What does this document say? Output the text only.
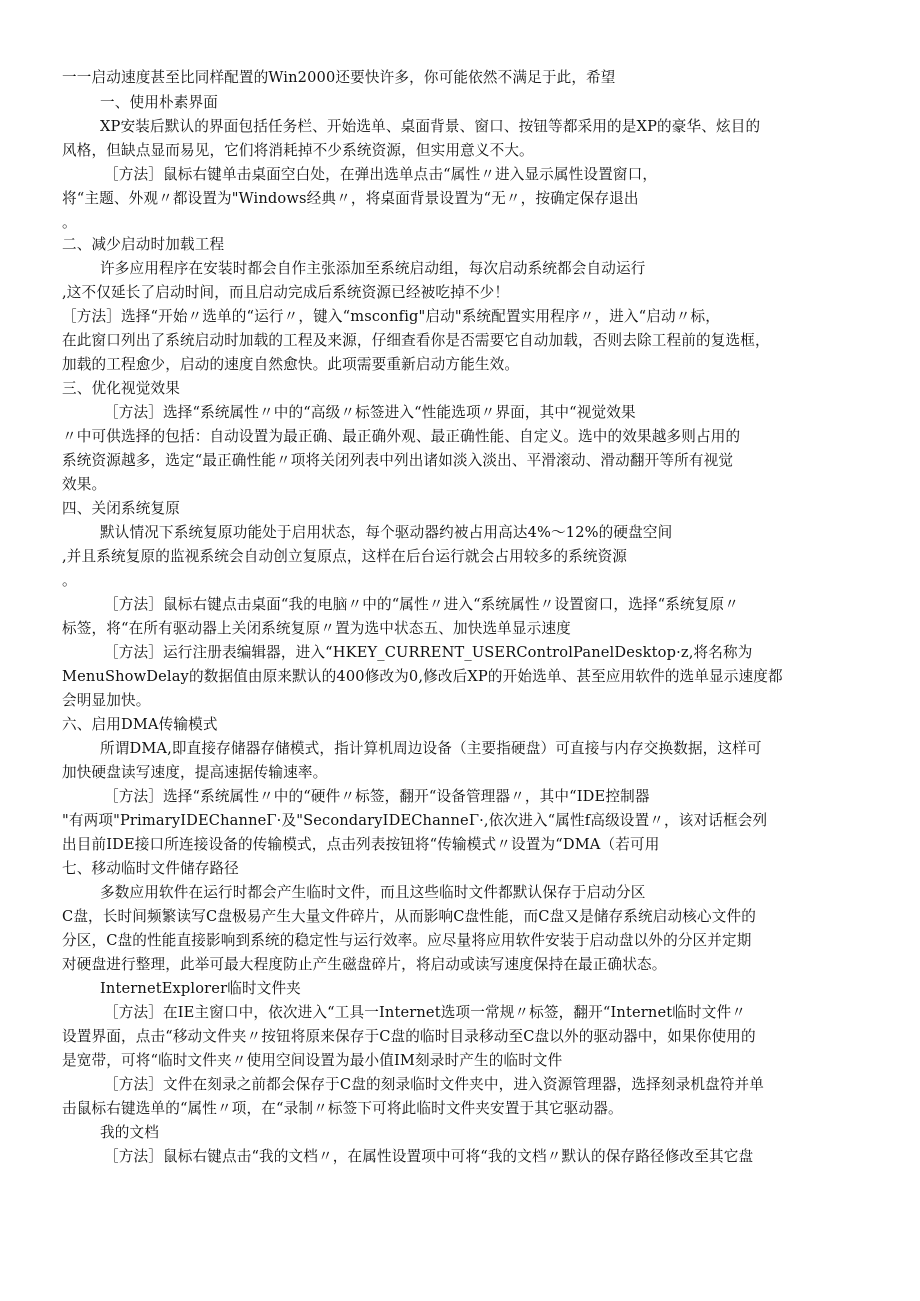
一一启动速度甚至比同样配置的Win2000还要快许多，你可能依然不满足于此，希望
一、使用朴素界面
XP安装后默认的界面包括任务栏、开始选单、桌面背景、窗口、按钮等都采用的是XP的豪华、炫目的
风格，但缺点显而易见，它们将消耗掉不少系统资源，但实用意义不大。
［方法］鼠标右键单击桌面空白处，在弹出选单点击“属性〃进入显示属性设置窗口，
将“主题、外观〃都设置为"Windows经典〃，将桌面背景设置为“无〃，按确定保存退出
。
二、减少启动时加载工程
许多应用程序在安装时都会自作主张添加至系统启动组，每次启动系统都会自动运行
,这不仅延长了启动时间，而且启动完成后系统资源已经被吃掉不少！
［方法］选择“开始〃选单的“运行〃，键入“msconfig"启动"系统配置实用程序〃，进入“启动〃标，
在此窗口列出了系统启动时加载的工程及来源，仔细查看你是否需要它自动加载，否则去除工程前的复选框，
加载的工程愈少，启动的速度自然愈快。此项需要重新启动方能生效。
三、优化视觉效果
［方法］选择“系统属性〃中的“高级〃标签进入“性能选项〃界面，其中“视觉效果
〃中可供选择的包括：自动设置为最正确、最正确外观、最正确性能、自定义。选中的效果越多则占用的
系统资源越多，选定“最正确性能〃项将关闭列表中列出诸如淡入淡出、平滑滚动、滑动翻开等所有视觉
效果。
四、关闭系统复原
默认情况下系统复原功能处于启用状态，每个驱动器约被占用高达4%〜12%的硬盘空间
,并且系统复原的监视系统会自动创立复原点，这样在后台运行就会占用较多的系统资源
。
［方法］鼠标右键点击桌面“我的电脑〃中的“属性〃进入“系统属性〃设置窗口，选择“系统复原〃
标签，将“在所有驱动器上关闭系统复原〃置为选中状态五、加快选单显示速度
［方法］运行注册表编辑器，进入“HKEY_CURRENT_USERControlPanelDesktop·z,将名称为
MenuShowDelay的数据值由原来默认的400修改为0,修改后XP的开始选单、甚至应用软件的选单显示速度都
会明显加快。
六、启用DMA传输模式
所谓DMA,即直接存储器存储模式，指计算机周边设备（主要指硬盘）可直接与内存交换数据，这样可
加快硬盘读写速度，提高速据传输速率。
［方法］选择“系统属性〃中的“硬件〃标签，翻开“设备管理器〃，其中“IDE控制器
"有两项"PrimaryIDEChanneΓ·及"SecondaryIDEChanneΓ·,依次进入“属性f高级设置〃，该对话框会列
出目前IDE接口所连接设备的传输模式，点击列表按钮将“传输模式〃设置为“DMA（若可用
七、移动临时文件储存路径
多数应用软件在运行时都会产生临时文件，而且这些临时文件都默认保存于启动分区
C盘，长时间频繁读写C盘极易产生大量文件碎片，从而影响C盘性能，而C盘又是储存系统启动核心文件的
分区，C盘的性能直接影响到系统的稳定性与运行效率。应尽量将应用软件安装于启动盘以外的分区并定期
对硬盘进行整理，此举可最大程度防止产生磁盘碎片，将启动或读写速度保持在最正确状态。
InternetExplorer临时文件夹
［方法］在IE主窗口中，依次进入“工具一Internet选项一常规〃标签，翻开“Internet临时文件〃
设置界面，点击“移动文件夹〃按钮将原来保存于C盘的临时目录移动至C盘以外的驱动器中，如果你使用的
是宽带，可将“临时文件夹〃使用空间设置为最小值IM刻录时产生的临时文件
［方法］文件在刻录之前都会保存于C盘的刻录临时文件夹中，进入资源管理器，选择刻录机盘符并单
击鼠标右键选单的“属性〃项，在“录制〃标签下可将此临时文件夹安置于其它驱动器。
我的文档
［方法］鼠标右键点击“我的文档〃，在属性设置项中可将“我的文档〃默认的保存路径修改至其它盘
